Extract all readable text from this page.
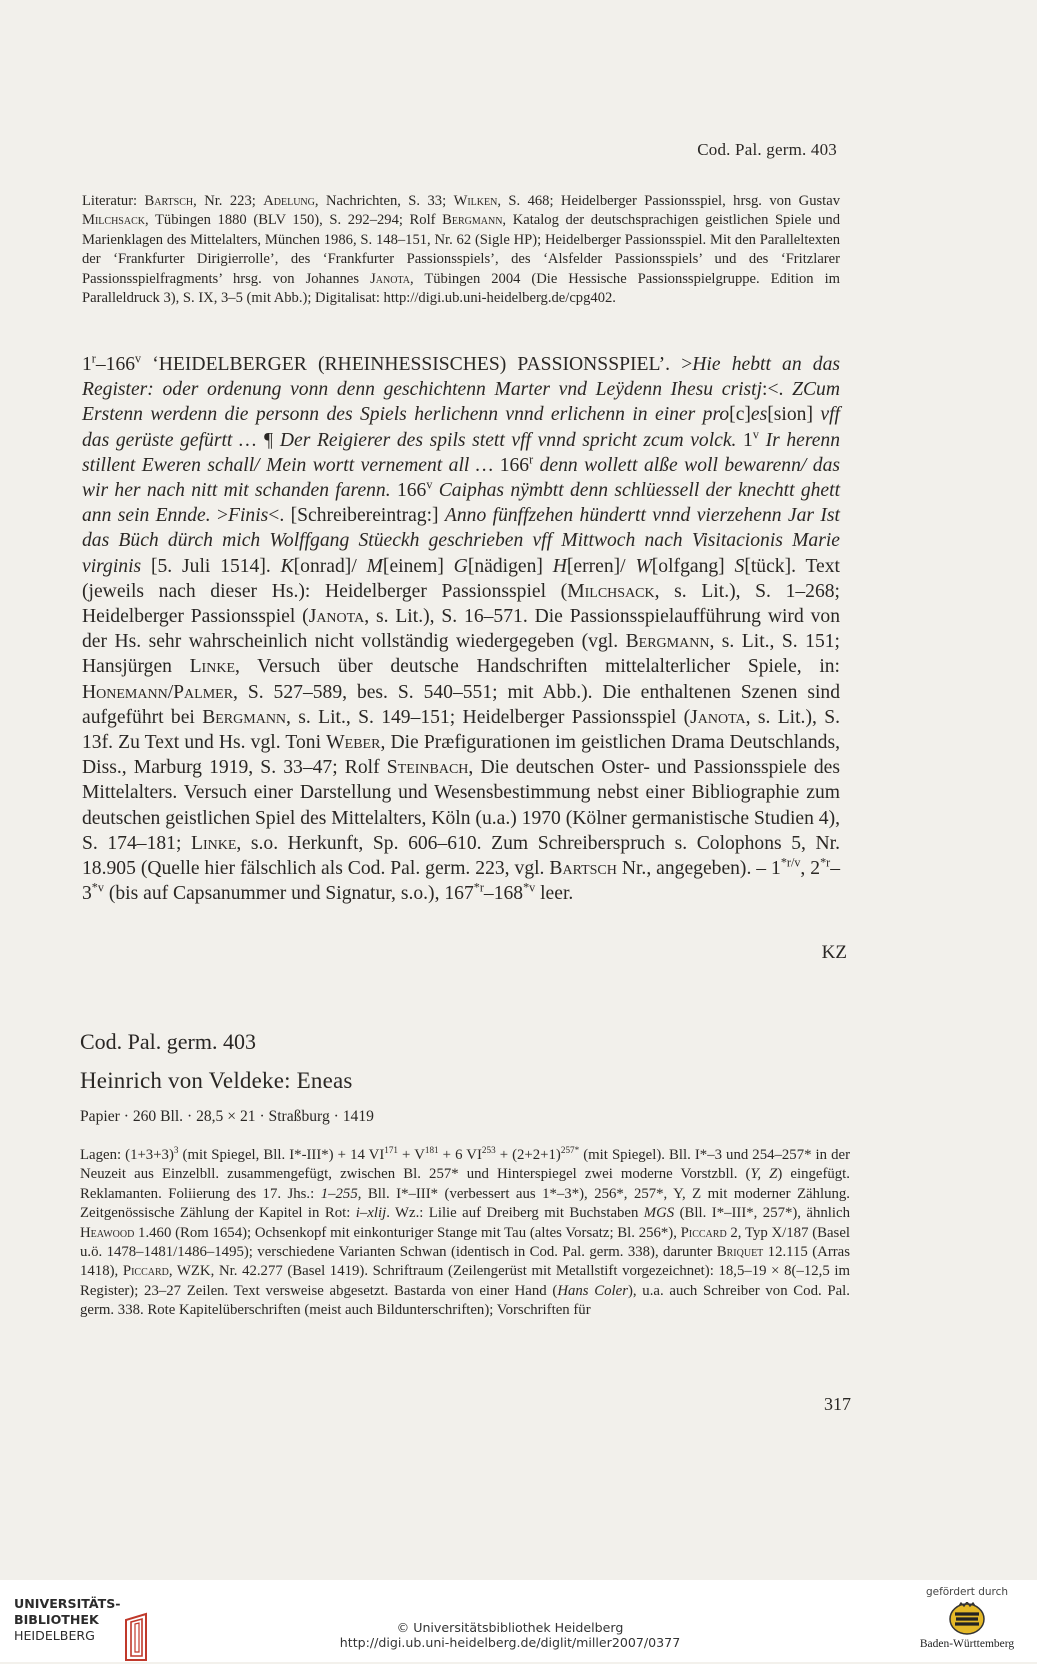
Cod. Pal. germ. 403
Literatur: Bartsch, Nr. 223; Adelung, Nachrichten, S. 33; Wilken, S. 468; Heidelberger Passionsspiel, hrsg. von Gustav Milchsack, Tübingen 1880 (BLV 150), S. 292–294; Rolf Bergmann, Katalog der deutschsprachigen geistlichen Spiele und Marienklagen des Mittelalters, München 1986, S. 148–151, Nr. 62 (Sigle HP); Heidelberger Passionsspiel. Mit den Paralleltexten der ‘Frankfurter Dirigierrolle’, des ‘Frankfurter Passionsspiels’, des ‘Alsfelder Passionsspiels’ und des ‘Fritzlarer Passionsspielfragments’ hrsg. von Johannes Janota, Tübingen 2004 (Die Hessische Passionsspielgruppe. Edition im Paralleldruck 3), S. IX, 3–5 (mit Abb.); Digitalisat: http://digi.ub.uni-heidelberg.de/cpg402.
1$^r$–166$^v$ ‘HEIDELBERGER (RHEINHESSISCHES) PASSIONSSPIEL’. >Hie hebtt an das Register: oder ordenung vonn denn geschichtenn Marter vnd Leÿdenn Ihesu cristj:<. ZCum Erstenn werdenn die personn des Spiels herlichenn vnnd erlichenn in einer pro[c]es[sion] vff das gerüste gefürtt … ¶ Der Reigierer des spils stett vff vnnd spricht zcum volck. 1$^v$ Ir herenn stillent Eweren schall/ Mein wortt vernement all … 166$^r$ denn wollett alße woll bewarenn/ das wir her nach nitt mit schanden farenn. 166$^v$ Caiphas nÿmbtt denn schlüessell der knechtt ghett ann sein Ennde. >Finis<. [Schreibereintrag:] Anno fünffzehen hündertt vnnd vierzehenn Jar Ist das Büch dürch mich Wolffgang Stüeckh geschrieben vff Mittwoch nach Visitacionis Marie virginis [5. Juli 1514]. K[onrad]/ M[einem] G[nädigen] H[erren]/ W[olfgang] S[tück]. Text (jeweils nach dieser Hs.): Heidelberger Passionsspiel (Milchsack, s. Lit.), S. 1–268; Heidelberger Passionsspiel (Janota, s. Lit.), S. 16–571. Die Passionsspielaufführung wird von der Hs. sehr wahrscheinlich nicht vollständig wiedergegeben (vgl. Bergmann, s. Lit., S. 151; Hansjürgen Linke, Versuch über deutsche Handschriften mittelalterlicher Spiele, in: Honemann/Palmer, S. 527–589, bes. S. 540–551; mit Abb.). Die enthaltenen Szenen sind aufgeführt bei Bergmann, s. Lit., S. 149–151; Heidelberger Passionsspiel (Janota, s. Lit.), S. 13f. Zu Text und Hs. vgl. Toni Weber, Die Præfigurationen im geistlichen Drama Deutschlands, Diss., Marburg 1919, S. 33–47; Rolf Steinbach, Die deutschen Oster- und Passionsspiele des Mittelalters. Versuch einer Darstellung und Wesensbestimmung nebst einer Bibliographie zum deutschen geistlichen Spiel des Mittelalters, Köln (u.a.) 1970 (Kölner germanistische Studien 4), S. 174–181; Linke, s.o. Herkunft, Sp. 606–610. Zum Schreiberspruch s. Colophons 5, Nr. 18.905 (Quelle hier fälschlich als Cod. Pal. germ. 223, vgl. Bartsch Nr., angegeben). – $1^{*r/v}$, 2$^{*r}$–3$^{*v}$ (bis auf Capsanummer und Signatur, s.o.), 167$^{*r}$–168$^{*v}$ leer.
KZ
Cod. Pal. germ. 403
Heinrich von Veldeke: Eneas
Papier · 260 Bll. · 28,5 × 21 · Straßburg · 1419
Lagen: $(1+3+3)^3$ (mit Spiegel, Bll. I*-III*) + 14 $VI^{171} + V^{181} + 6$ $VI^{253} + (2+2+1)^{257*}$ (mit Spiegel). Bll. I*–3 und 254–257* in der Neuzeit aus Einzelbll. zusammengefügt, zwischen Bl. 257* und Hinterspiegel zwei moderne Vorstzbll. (Y, Z) eingefügt. Reklamanten. Foliierung des 17. Jhs.: 1–255, Bll. I*–III* (verbessert aus 1*–3*), 256*, 257*, Y, Z mit moderner Zählung. Zeitgenössische Zählung der Kapitel in Rot: i–xlij. Wz.: Lilie auf Dreiberg mit Buchstaben MGS (Bll. I*–III*, 257*), ähnlich Heawood 1.460 (Rom 1654); Ochsenkopf mit einkonturiger Stange mit Tau (altes Vorsatz; Bl. 256*), Piccard 2, Typ X/187 (Basel u.ö. 1478–1481/1486–1495); verschiedene Varianten Schwan (identisch in Cod. Pal. germ. 338), darunter Briquet 12.115 (Arras 1418), Piccard, WZK, Nr. 42.277 (Basel 1419). Schriftraum (Zeilengerüst mit Metallstift vorgezeichnet): 18,5–19 × 8(–12,5 im Register); 23–27 Zeilen. Text versweise abgesetzt. Bastarda von einer Hand (Hans Coler), u.a. auch Schreiber von Cod. Pal. germ. 338. Rote Kapitelüberschriften (meist auch Bildunterschriften); Vorschriften für
317
UNIVERSITÄTS-
BIBLIOTHEK
HEIDELBERG
© Universitätsbibliothek Heidelberg
http://digi.ub.uni-heidelberg.de/diglit/miller2007/0377
gefördert durch
Baden-Württemberg
